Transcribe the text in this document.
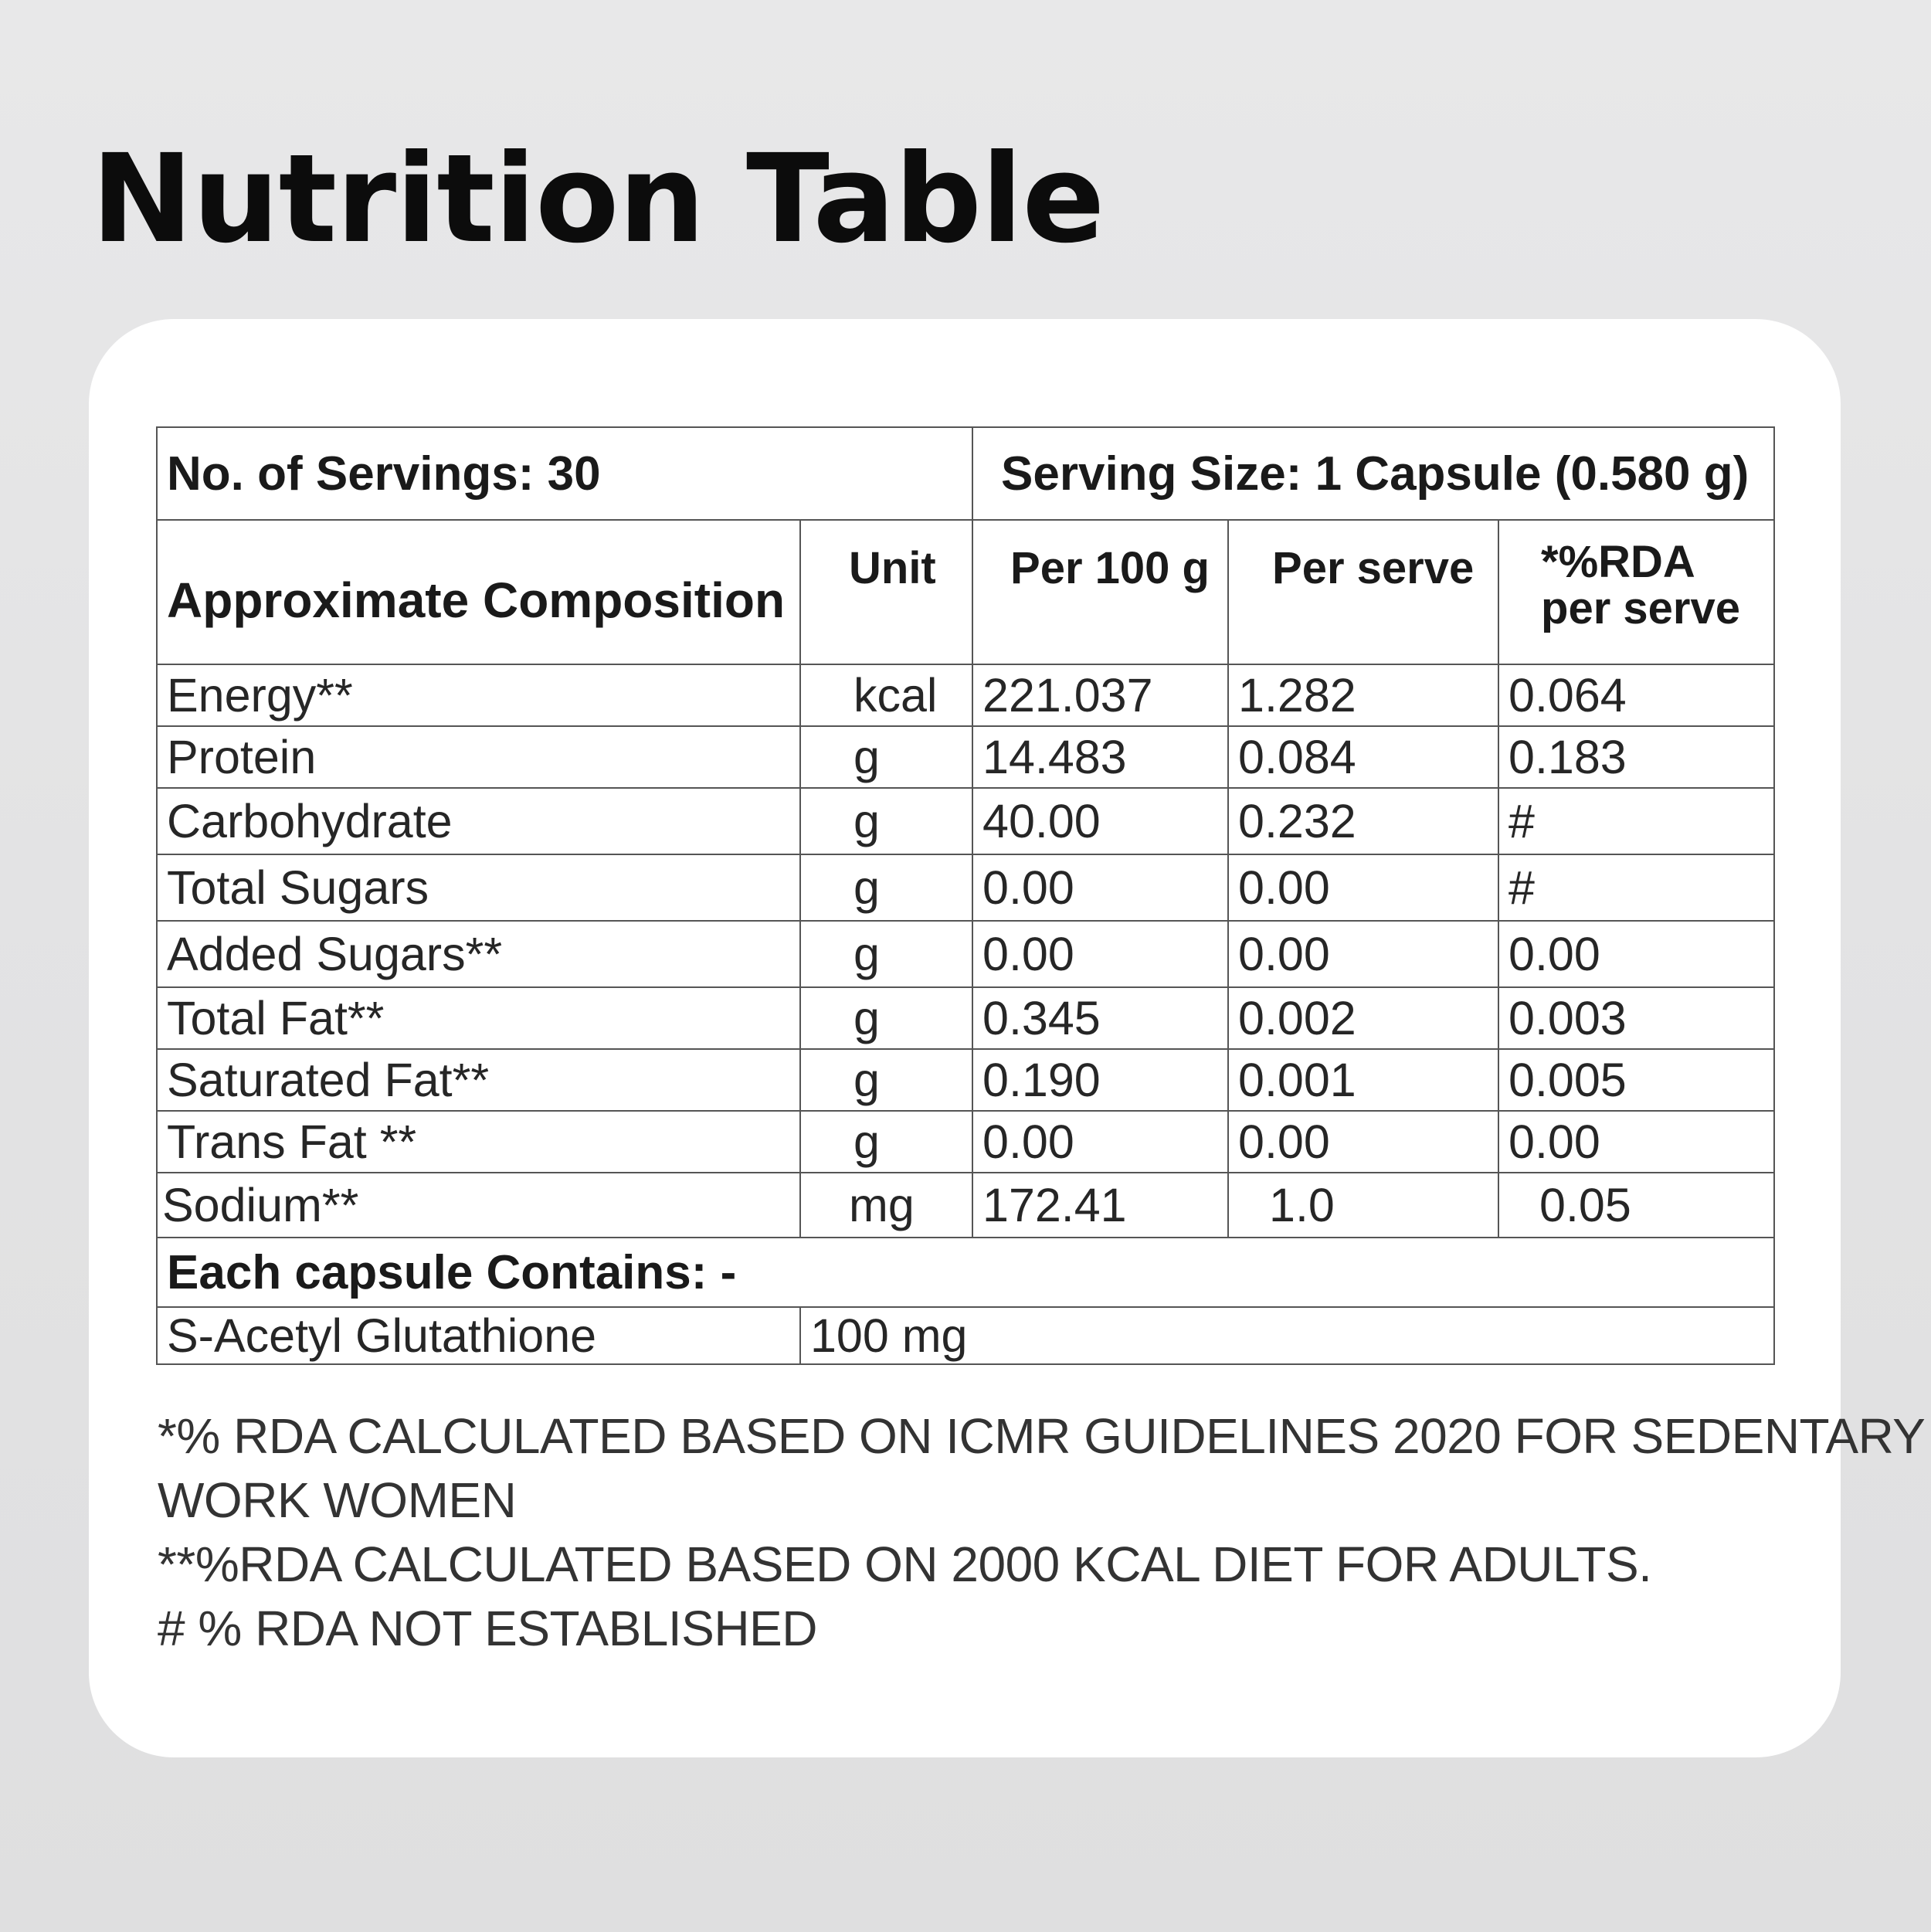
Nutrition Table
No. of Servings: 30		Serving Size: 1 Capsule (0.580 g)		
Approximate Composition	Unit	Per 100 g	Per serve	*%RDA
per serve
Energy**	kcal	221.037	1.282	0.064
Protein	g	14.483	0.084	0.183
Carbohydrate	g	40.00	0.232	#
Total Sugars	g	0.00	0.00	#
Added Sugars**	g	0.00	0.00	0.00
Total Fat**	g	0.345	0.002	0.003
Saturated Fat**	g	0.190	0.001	0.005
Trans Fat **	g	0.00	0.00	0.00
Sodium**	mg	172.41	1.0	0.05
Each capsule Contains: -				
S-Acetyl Glutathione	100 mg			
*% RDA CALCULATED BASED ON ICMR GUIDELINES 2020 FOR SEDENTARY
WORK WOMEN
**%RDA CALCULATED BASED ON 2000 KCAL DIET FOR ADULTS.
# % RDA NOT ESTABLISHED
